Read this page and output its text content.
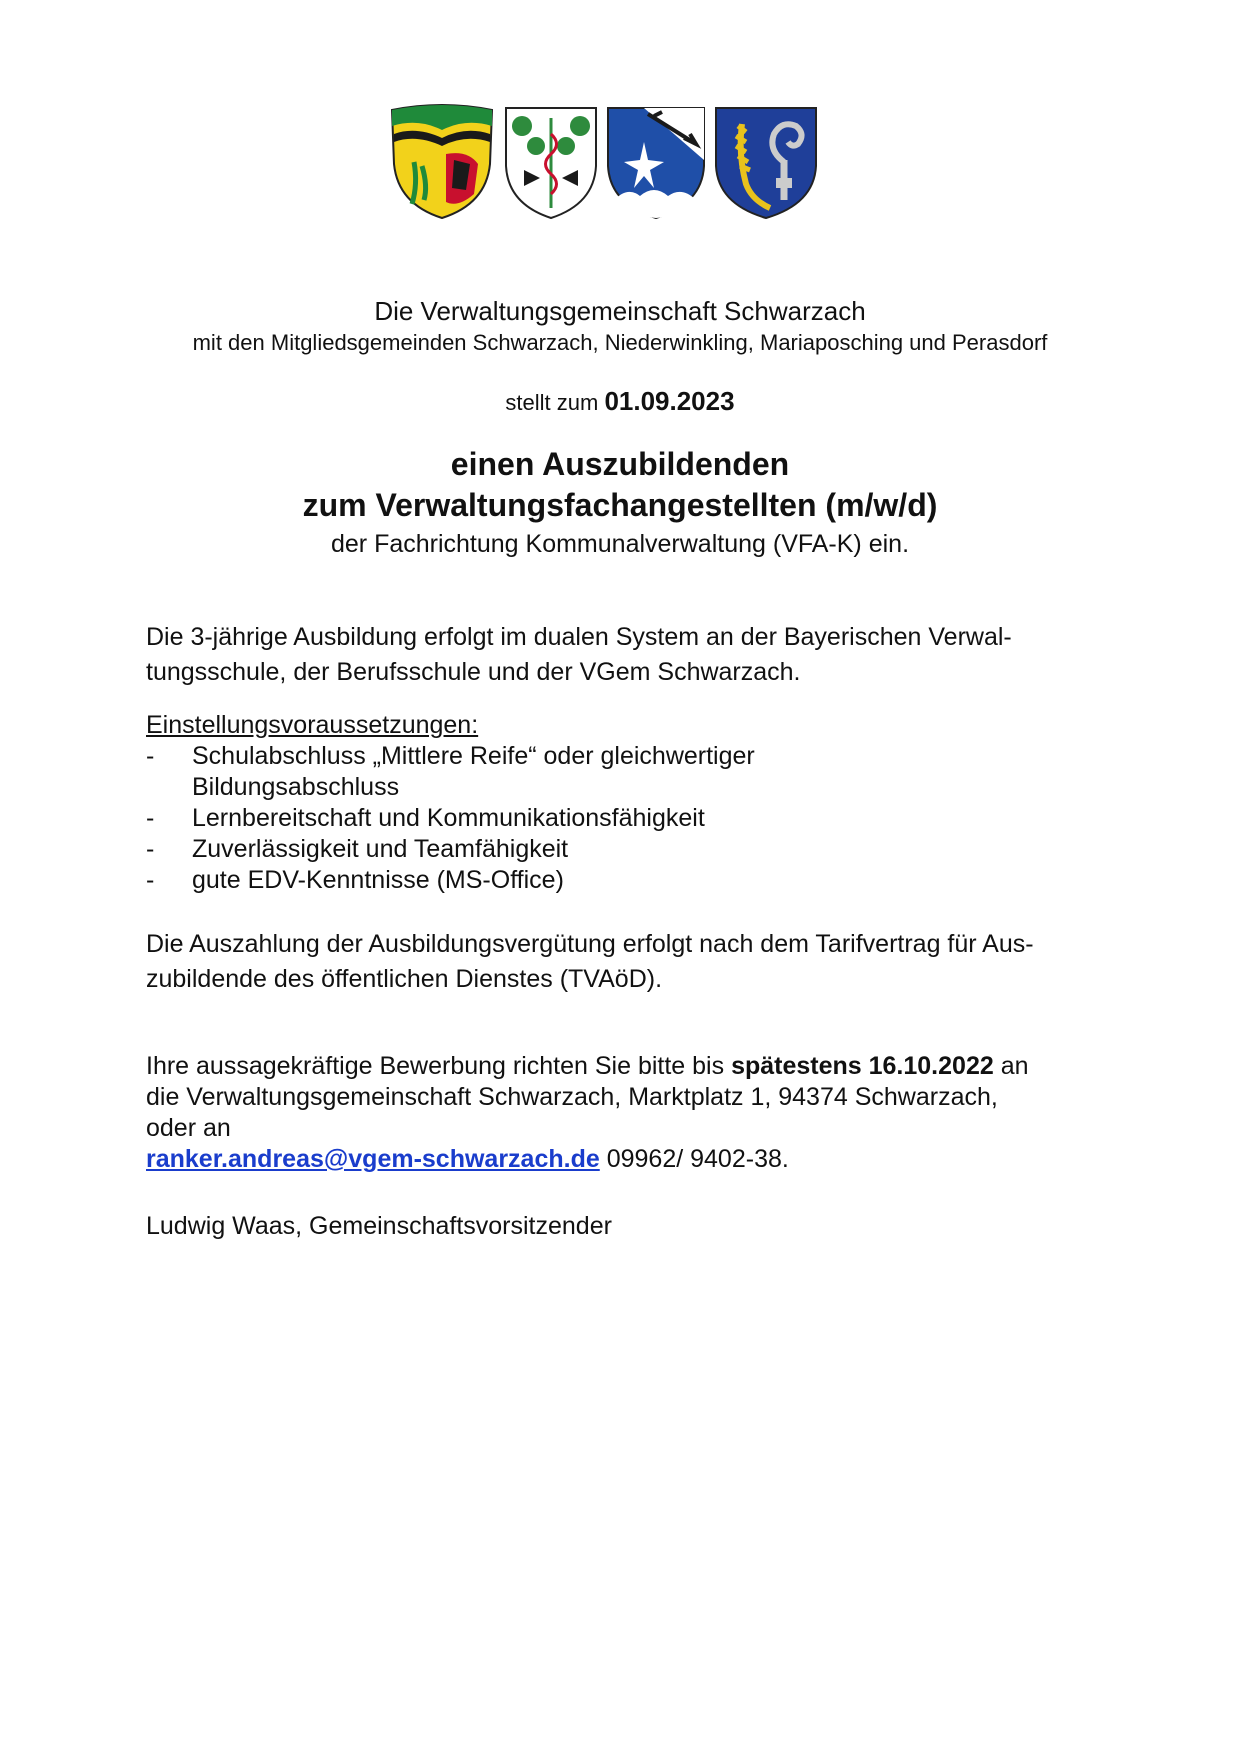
Die Verwaltungsgemeinschaft Schwarzach
mit den Mitgliedsgemeinden Schwarzach, Niederwinkling, Mariaposching und Perasdorf
stellt zum 01.09.2023
einen Auszubildenden
zum Verwaltungsfachangestellten (m/w/d)
der Fachrichtung Kommunalverwaltung (VFA-K) ein.
Die 3-jährige Ausbildung erfolgt im dualen System an der Bayerischen Verwal-
tungsschule, der Berufsschule und der VGem Schwarzach.
Einstellungsvoraussetzungen:
- Schulabschluss „Mittlere Reife“ oder gleichwertiger
Bildungsabschluss
- Lernbereitschaft und Kommunikationsfähigkeit
- Zuverlässigkeit und Teamfähigkeit
- gute EDV-Kenntnisse (MS-Office)
Die Auszahlung der Ausbildungsvergütung erfolgt nach dem Tarifvertrag für Aus-
zubildende des öffentlichen Dienstes (TVAöD).
Ihre aussagekräftige Bewerbung richten Sie bitte bis spätestens 16.10.2022 an
die Verwaltungsgemeinschaft Schwarzach, Marktplatz 1, 94374 Schwarzach,
oder an
ranker.andreas@vgem-schwarzach.de 09962/ 9402-38.
Ludwig Waas, Gemeinschaftsvorsitzender
